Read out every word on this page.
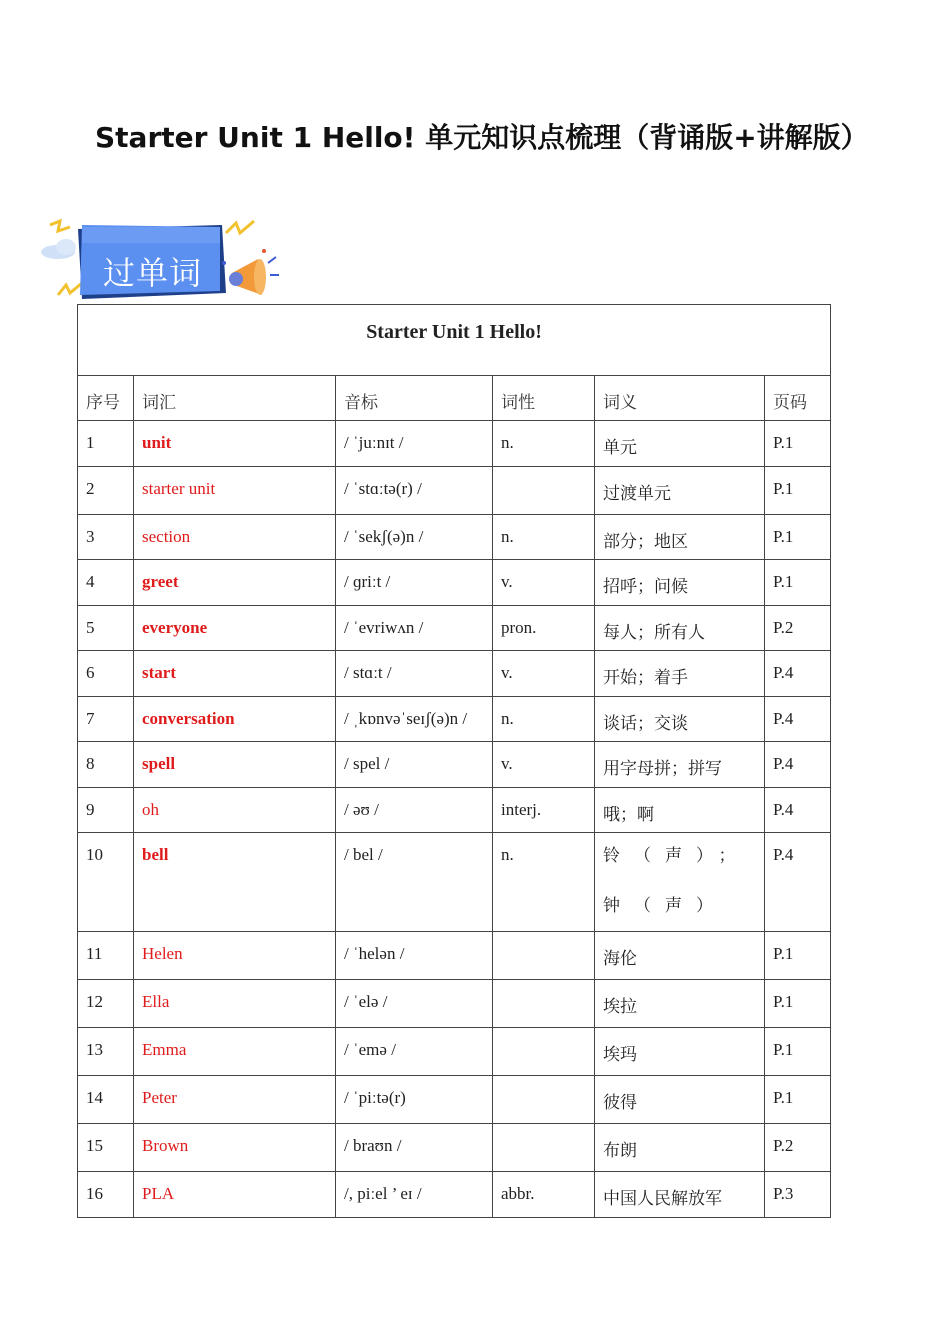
Starter Unit 1 Hello! 单元知识点梳理（背诵版+讲解版）
过单词
Starter Unit 1 Hello!					
序号	词汇	音标	词性	词义	页码
1	unit	/ ˈjuːnɪt /	n.	单元	P.1
2	starter unit	/ ˈstɑːtə(r) /		过渡单元	P.1
3	section	/ ˈsekʃ(ə)n /	n.	部分；地区	P.1
4	greet	/ ɡriːt /	v.	招呼；问候	P.1
5	everyone	/ ˈevriwʌn /	pron.	每人；所有人	P.2
6	start	/ stɑːt /	v.	开始；着手	P.4
7	conversation	/ ˌkɒnvəˈseɪʃ(ə)n /	n.	谈话；交谈	P.4
8	spell	/ spel /	v.	用字母拼；拼写	P.4
9	oh	/ əʊ /	interj.	哦；啊	P.4
10	bell	/ bel /	n.	铃（声）；钟（声）	P.4
11	Helen	/ ˈhelən /		海伦	P.1
12	Ella	/ ˈelə /		埃拉	P.1
13	Emma	/ ˈemə /		埃玛	P.1
14	Peter	/ ˈpiːtə(r)		彼得	P.1
15	Brown	/ braʊn /		布朗	P.2
16	PLA	/, piːel ’ eɪ /	abbr.	中国人民解放军	P.3
